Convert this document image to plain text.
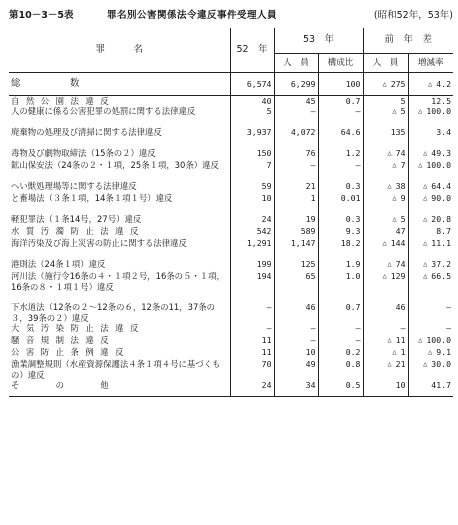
第10－3－5表	罪名別公害関係法令違反事件受理人員	(昭和52年，53年)
罪　　　名	52　年	53　年		前　年　差	
		人　員	構成比	人　員	増減率
総　数	6,574	6,299	100	△ 275	△ 4.2
自然公園法違反	40	45	0.7	5	12.5
人の健康に係る公害犯罪の処罰に関する法律違反	5	—	—	△ 5	△ 100.0
廃棄物の処理及び清掃に関する法律違反	3,937	4,072	64.6	135	3.4
毒物及び劇物取締法（15条の２）違反	150	76	1.2	△ 74	△ 49.3
鉱山保安法（24条の２・１項，25条１項，30条）違反	7	—	—	△ 7	△ 100.0
へい獣処理場等に関する法律違反	59	21	0.3	△ 38	△ 64.4
と畜場法（３条１項，14条１項１号）違反	10	1	0.01	△ 9	△ 90.0
軽犯罪法（１条14号，27号）違反	24	19	0.3	△ 5	△ 20.8
水質汚濁防止法違反	542	589	9.3	47	8.7
海洋汚染及び海上災害の防止に関する法律違反	1,291	1,147	18.2	△ 144	△ 11.1
港則法（24条１項）違反	199	125	1.9	△ 74	△ 37.2
河川法（施行令16条の４・１項２号，16条の５・１項，16条の８・１項１号）違反	194	65	1.0	△ 129	△ 66.5
下水道法（12条の２～12条の６，12条の11，37条の３，39条の２）違反	—	46	0.7	46	—
大気汚染防止法違反	—	—	—	—	—
騒音規制法違反	11	—	—	△ 11	△ 100.0
公害防止条例違反	11	10	0.2	△ 1	△ 9.1
漁業調整規則（水産資源保護法４条１項４号に基づくもの）違反	70	49	0.8	△ 21	△ 30.0
そ　　の　　他	24	34	0.5	10	41.7
